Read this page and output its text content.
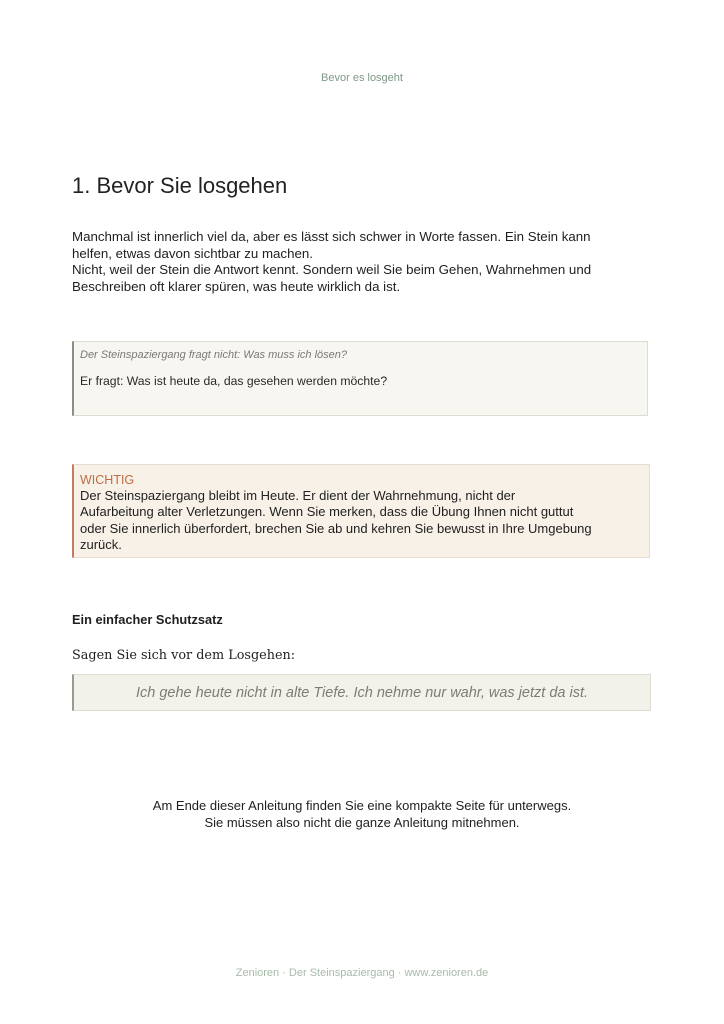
Bevor es losgeht
1. Bevor Sie losgehen

Manchmal ist innerlich viel da, aber es lässt sich schwer in Worte fassen. Ein Stein kann
helfen, etwas davon sichtbar zu machen.
Nicht, weil der Stein die Antwort kennt. Sondern weil Sie beim Gehen, Wahrnehmen und
Beschreiben oft klarer spüren, was heute wirklich da ist.

Der Steinspaziergang fragt nicht: Was muss ich lösen?
Er fragt: Was ist heute da, das gesehen werden möchte?
WICHTIG
Der Steinspaziergang bleibt im Heute. Er dient der Wahrnehmung, nicht der
Aufarbeitung alter Verletzungen. Wenn Sie merken, dass die Übung Ihnen nicht guttut
oder Sie innerlich überfordert, brechen Sie ab und kehren Sie bewusst in Ihre Umgebung
zurück.
Ein einfacher Schutzsatz

Sagen Sie sich vor dem Losgehen:

Ich gehe heute nicht in alte Tiefe. Ich nehme nur wahr, was jetzt da ist.
Am Ende dieser Anleitung finden Sie eine kompakte Seite für unterwegs.
Sie müssen also nicht die ganze Anleitung mitnehmen.
Zenioren · Der Steinspaziergang · www.zenioren.de
